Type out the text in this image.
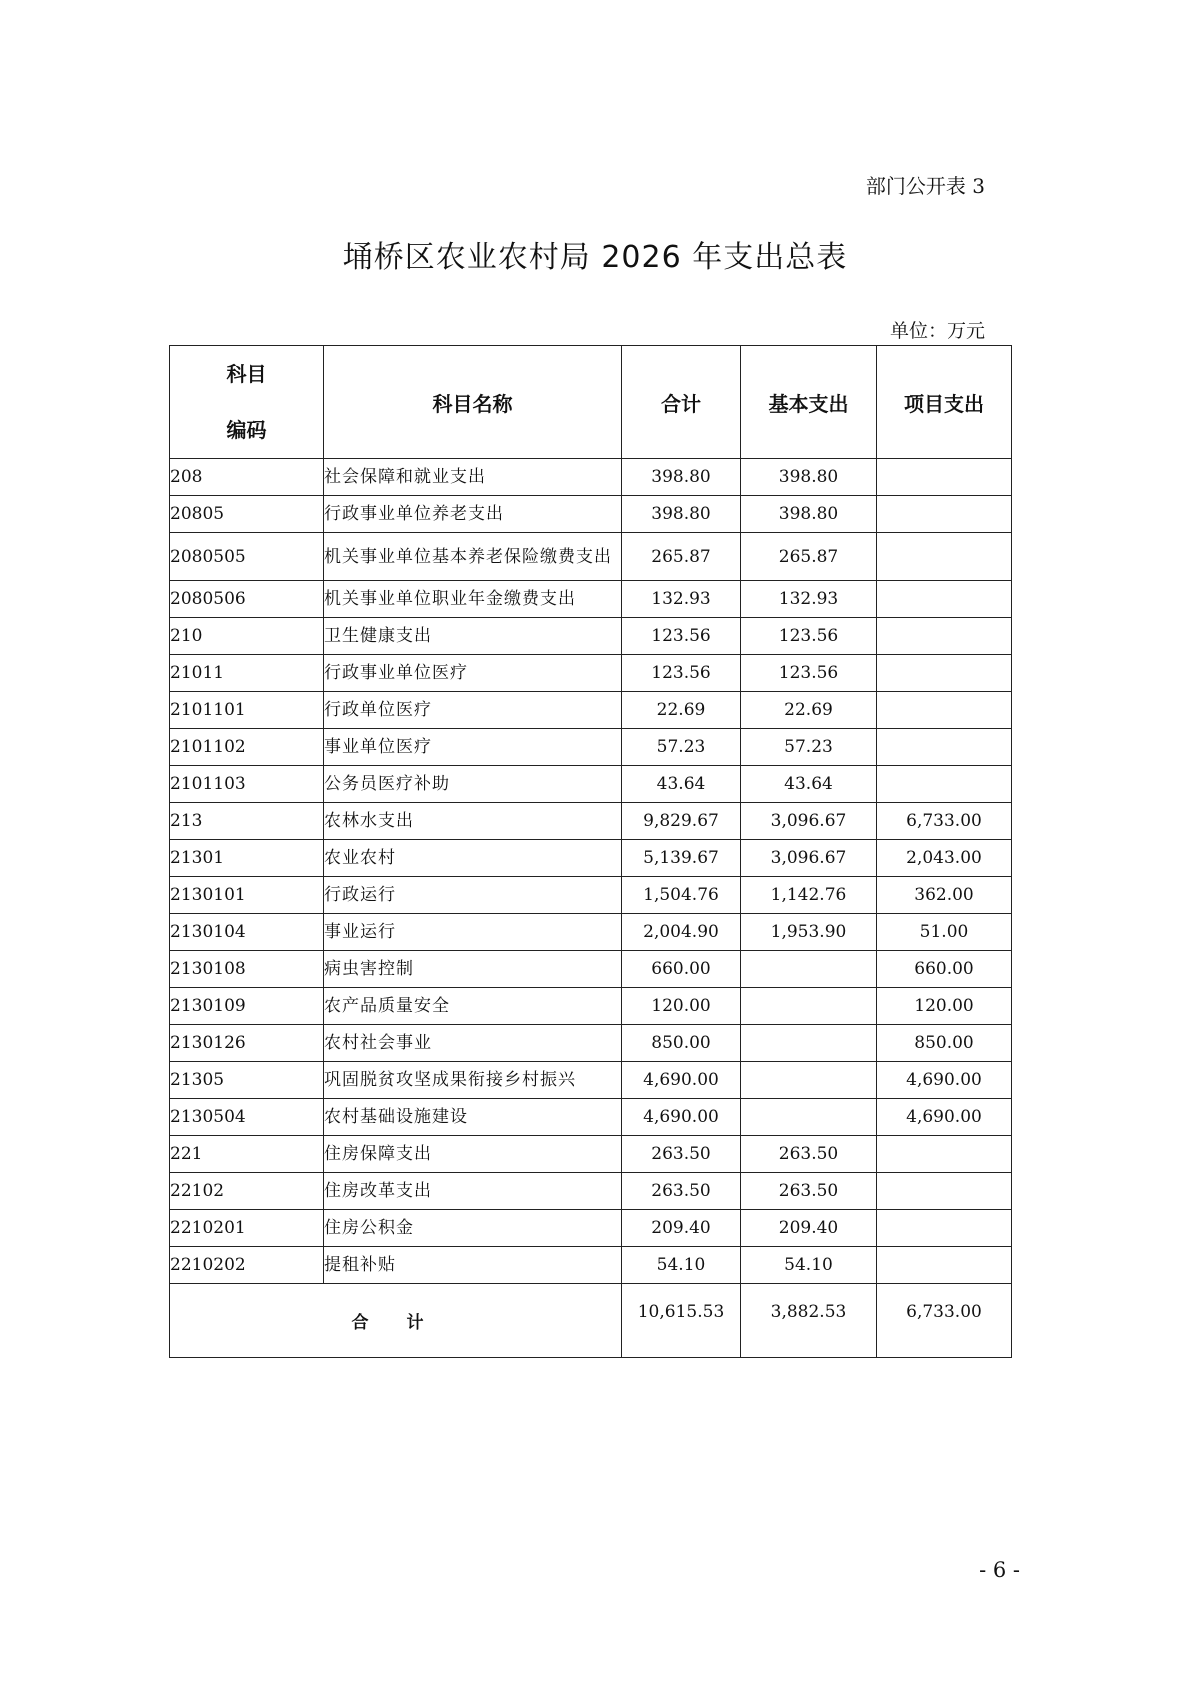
部门公开表 3
埇桥区农业农村局 2026 年支出总表
单位：万元
科目
编码	科目名称	合计	基本支出	项目支出
208	社会保障和就业支出	398.80	398.80	
20805	行政事业单位养老支出	398.80	398.80	
2080505	机关事业单位基本养老保险缴费支出	265.87	265.87	
2080506	机关事业单位职业年金缴费支出	132.93	132.93	
210	卫生健康支出	123.56	123.56	
21011	行政事业单位医疗	123.56	123.56	
2101101	行政单位医疗	22.69	22.69	
2101102	事业单位医疗	57.23	57.23	
2101103	公务员医疗补助	43.64	43.64	
213	农林水支出	9,829.67	3,096.67	6,733.00
21301	农业农村	5,139.67	3,096.67	2,043.00
2130101	行政运行	1,504.76	1,142.76	362.00
2130104	事业运行	2,004.90	1,953.90	51.00
2130108	病虫害控制	660.00		660.00
2130109	农产品质量安全	120.00		120.00
2130126	农村社会事业	850.00		850.00
21305	巩固脱贫攻坚成果衔接乡村振兴	4,690.00		4,690.00
2130504	农村基础设施建设	4,690.00		4,690.00
221	住房保障支出	263.50	263.50	
22102	住房改革支出	263.50	263.50	
2210201	住房公积金	209.40	209.40	
2210202	提租补贴	54.10	54.10	
合 计		10,615.53	3,882.53	6,733.00
- 6 -
